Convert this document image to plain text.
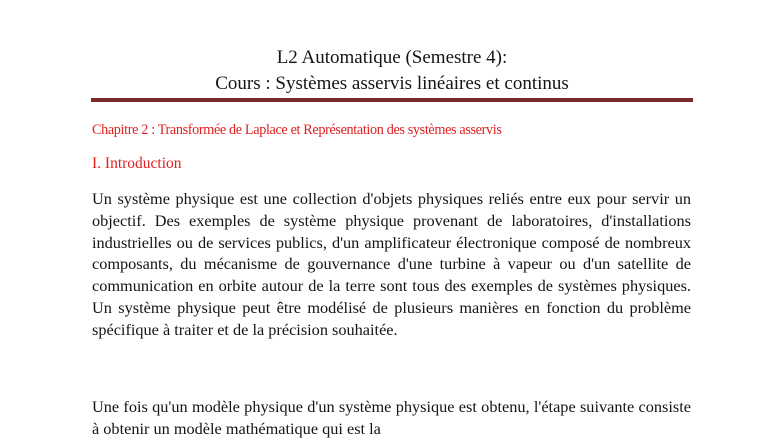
L2 Automatique (Semestre 4):
Cours : Systèmes asservis linéaires et continus
Chapitre 2 : Transformée de Laplace et Représentation des systèmes asservis
I. Introduction

Un système physique est une collection d'objets physiques reliés entre eux pour servir un objectif. Des exemples de système physique provenant de laboratoires, d'installations industrielles ou de services publics, d'un amplificateur électronique composé de nombreux composants, du mécanisme de gouvernance d'une turbine à vapeur ou d'un satellite de communication en orbite autour de la terre sont tous des exemples de systèmes physiques. Un système physique peut être modélisé de plusieurs manières en fonction du problème spécifique à traiter et de la précision souhaitée.

Une fois qu'un modèle physique d'un système physique est obtenu, l'étape suivante consiste à obtenir un modèle mathématique qui est la
